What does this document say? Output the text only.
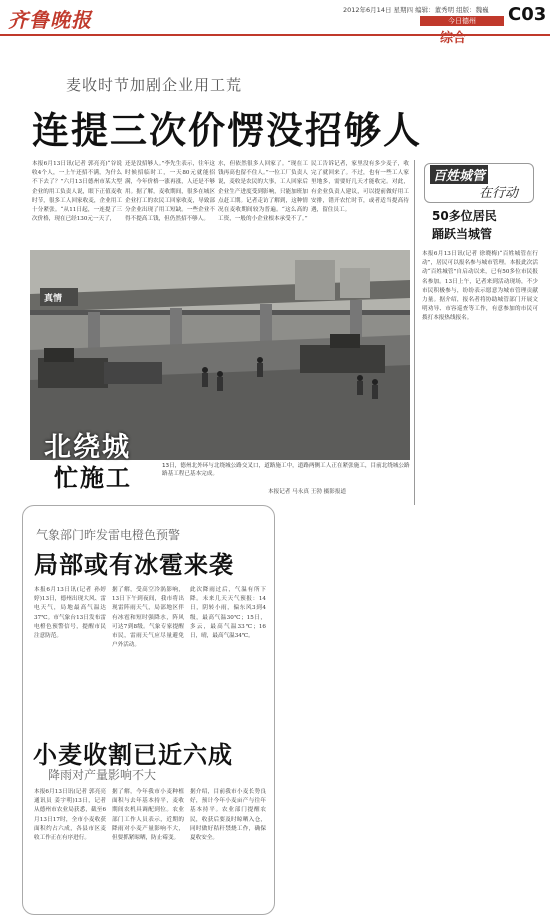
齐鲁晚报	2012年6月14日 星期四 编辑：董秀明 组版：魏巍
今日德州
综合
C03
麦收时节加剧企业用工荒
连提三次价愣没招够人
本报6月13日讯(记者 郭亮亮)“谷说收4个人，一上午还招不满，为什么不下去了？”六月13日德州市某大型企业的用工负责人说，眼下正值麦收时节，很多工人回家收麦，企业用工十分紧张。“从11日起，一连提了三次价格，现在已经130元一天了，
还是没招够人。”李先生表示，往年这时候招临时工，一天80元就能招满，今年价格一涨再涨，人还是不够用。据了解，麦收期间，很多在城区企业打工的农民工回家收麦，导致部分企业出现了用工短缺。一些企业不得不提高工钱，但仍然招不够人。
水，但依然很多人回家了。“现在工钱再高也留不住人。”一位工厂负责人说，麦收是农民的大事，工人回家后企业生产进度受到影响，只能加班加点赶工期。记者走访了解到，这种情况在麦收期间较为普遍。“这么高的工资，一般的小企业根本承受不了。”
民工告诉记者，家里没有多少麦子，收完了就回来了。不过，也有一些工人家里地多，需要好几天才能收完。对此，有企业负责人建议，可以提前做好用工安排，错开农忙时节，或者适当提高待遇，留住员工。
真情
北绕城
忙施工	13日，德州北外环与北绕城公路交叉口，道路施工中，道路两侧工人正在紧张施工，目前北绕城公路路基工程已基本完成。
本报记者 马永真 王勃 摄影报道
百姓城管
在行动
50多位居民
踊跃当城管
本报6月13日讯(记者 徐晓梅)“百姓城管在行动”，居民可以报名参与城市管理。本报此次活动“百姓城管”自启动以来，已有50多位市民报名参加。13日上午，记者来到活动现场，不少市民积极参与，纷纷表示愿意为城市管理贡献力量。据介绍，报名者将协助城管部门开展文明劝导、市容巡查等工作，有意参加的市民可拨打本报热线报名。
气象部门昨发雷电橙色预警
局部或有冰雹来袭
本报6月13日讯(记者 孙婷婷)13日，德州出现大风、雷电天气，局地最高气温达37℃。市气象台13日发布雷电橙色预警信号，提醒市民注意防范。
据了解，受高空冷涡影响，13日下午到夜间，我市将出现雷阵雨天气，局部地区伴有冰雹和短时强降水，阵风可达7到8级。气象专家提醒市民，雷雨天气应尽量避免户外活动。
此次降雨过后，气温有所下降。未来几天天气预报：14日，阴转小雨，偏东风3到4级，最高气温30℃；15日，多云，最高气温33℃；16日，晴，最高气温34℃。
小麦收割已近六成
降雨对产量影响不大
本报6月13日讯(记者 郭亮亮 通讯员 姜宇明)13日，记者从德州市农业局获悉，截至6月13日17时，全市小麦收获面积约占六成，各县市区麦收工作正在有序进行。
据了解，今年我市小麦种植面积与去年基本持平，麦收期间农机具调配到位。农业部门工作人员表示，近期的降雨对小麦产量影响不大，但要抓紧晾晒，防止霉变。
据介绍，目前我市小麦长势良好，预计今年小麦亩产与往年基本持平。农业部门提醒农民，收获后要及时晾晒入仓，同时做好秸秆禁烧工作，确保夏收安全。
